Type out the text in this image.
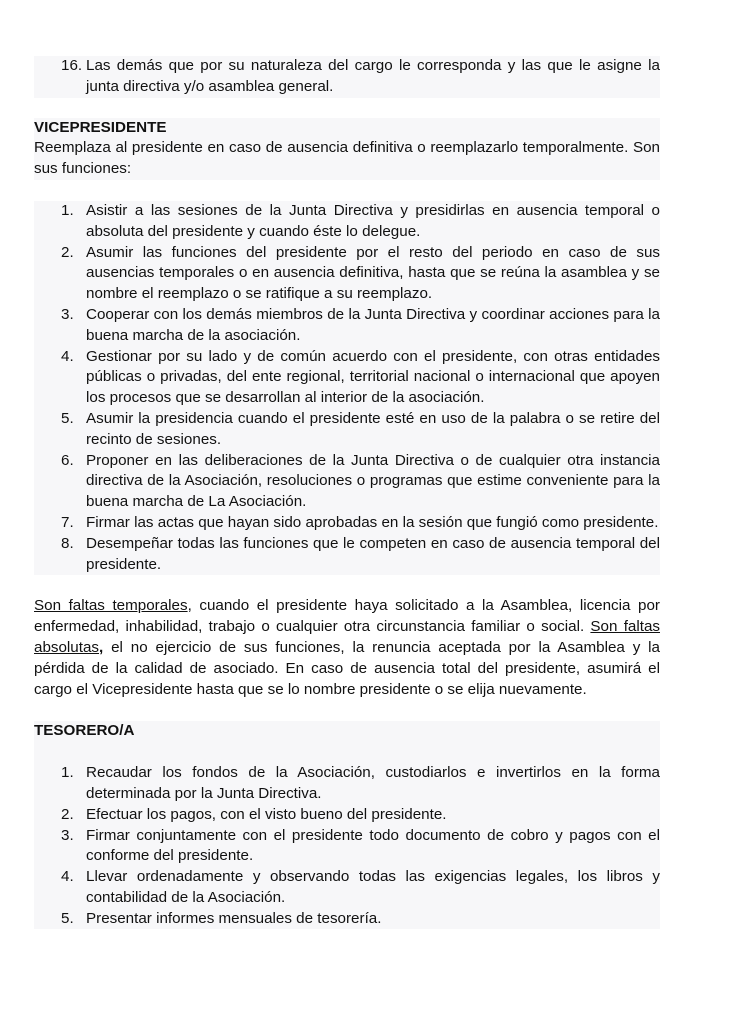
16. Las demás que por su naturaleza del cargo le corresponda y las que le asigne la junta directiva y/o asamblea general.

VICEPRESIDENTE

Reemplaza al presidente en caso de ausencia definitiva o reemplazarlo temporalmente. Son sus funciones:

1. Asistir a las sesiones de la Junta Directiva y presidirlas en ausencia temporal o absoluta del presidente y cuando éste lo delegue.
2. Asumir las funciones del presidente por el resto del periodo en caso de sus ausencias temporales o en ausencia definitiva, hasta que se reúna la asamblea y se nombre el reemplazo o se ratifique a su reemplazo.
3. Cooperar con los demás miembros de la Junta Directiva y coordinar acciones para la buena marcha de la asociación.
4. Gestionar por su lado y de común acuerdo con el presidente, con otras entidades públicas o privadas, del ente regional, territorial nacional o internacional que apoyen los procesos que se desarrollan al interior de la asociación.
5. Asumir la presidencia cuando el presidente esté en uso de la palabra o se retire del recinto de sesiones.
6. Proponer en las deliberaciones de la Junta Directiva o de cualquier otra instancia directiva de la Asociación, resoluciones o programas que estime conveniente para la buena marcha de La Asociación.
7. Firmar las actas que hayan sido aprobadas en la sesión que fungió como presidente.
8. Desempeñar todas las funciones que le competen en caso de ausencia temporal del presidente.

Son faltas temporales, cuando el presidente haya solicitado a la Asamblea, licencia por enfermedad, inhabilidad, trabajo o cualquier otra circunstancia familiar o social. Son faltas absolutas, el no ejercicio de sus funciones, la renuncia aceptada por la Asamblea y la pérdida de la calidad de asociado. En caso de ausencia total del presidente, asumirá el cargo el Vicepresidente hasta que se lo nombre presidente o se elija nuevamente.

TESORERO/A

1. Recaudar los fondos de la Asociación, custodiarlos e invertirlos en la forma determinada por la Junta Directiva.
2. Efectuar los pagos, con el visto bueno del presidente.
3. Firmar conjuntamente con el presidente todo documento de cobro y pagos con el conforme del presidente.
4. Llevar ordenadamente y observando todas las exigencias legales, los libros y contabilidad de la Asociación.
5. Presentar informes mensuales de tesorería.
